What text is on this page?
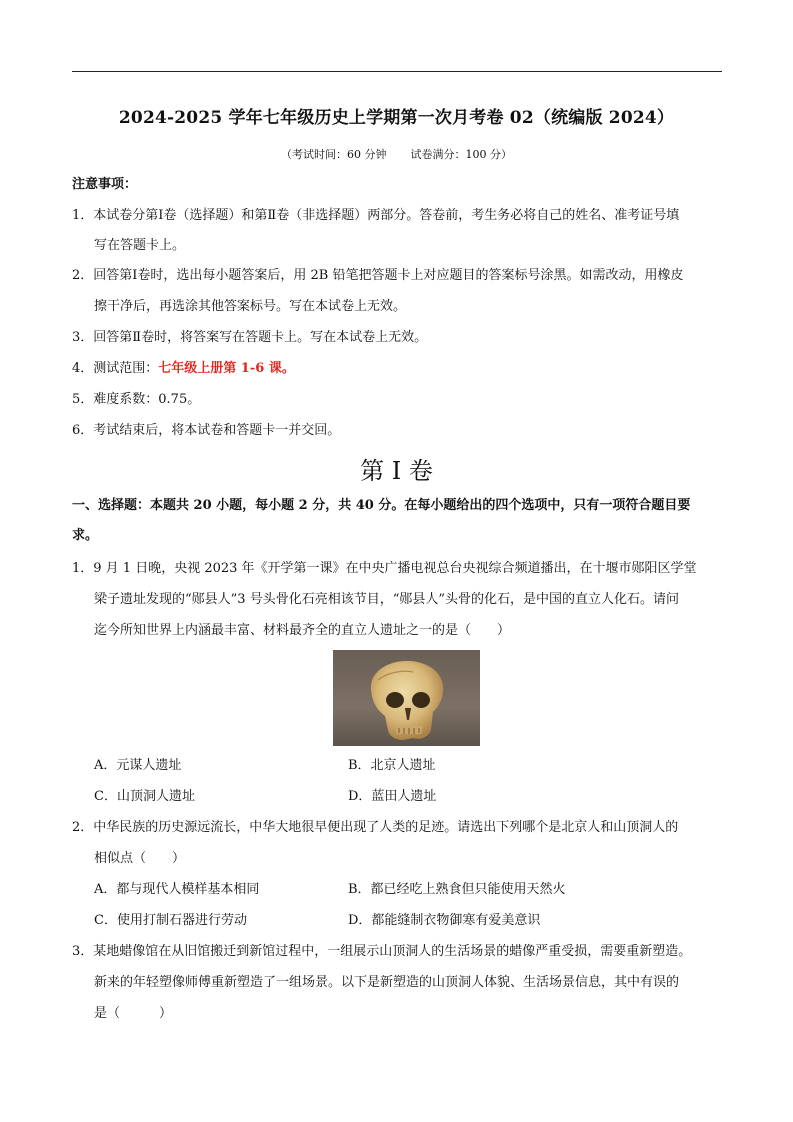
2024-2025 学年七年级历史上学期第一次月考卷 02（统编版 2024）
（考试时间：60 分钟 试卷满分：100 分）
注意事项：
1．本试卷分第Ⅰ卷（选择题）和第Ⅱ卷（非选择题）两部分。答卷前，考生务必将自己的姓名、准考证号填
写在答题卡上。
2．回答第Ⅰ卷时，选出每小题答案后，用 2B 铅笔把答题卡上对应题目的答案标号涂黑。如需改动，用橡皮
擦干净后，再选涂其他答案标号。写在本试卷上无效。
3．回答第Ⅱ卷时，将答案写在答题卡上。写在本试卷上无效。
4．测试范围：七年级上册第 1-6 课。
5．难度系数：0.75。
6．考试结束后，将本试卷和答题卡一并交回。
第 Ⅰ 卷
一、选择题：本题共 20 小题，每小题 2 分，共 40 分。在每小题给出的四个选项中，只有一项符合题目要
求。
1．9 月 1 日晚，央视 2023 年《开学第一课》在中央广播电视总台央视综合频道播出，在十堰市郧阳区学堂
梁子遗址发现的“郧县人”3 号头骨化石亮相该节目，“郧县人”头骨的化石，是中国的直立人化石。请问
迄今所知世界上内涵最丰富、材料最齐全的直立人遗址之一的是（　　）
A．元谋人遗址	B．北京人遗址
C．山顶洞人遗址	D．蓝田人遗址
2．中华民族的历史源远流长，中华大地很早便出现了人类的足迹。请选出下列哪个是北京人和山顶洞人的
相似点（　　）
A．都与现代人模样基本相同	B．都已经吃上熟食但只能使用天然火
C．使用打制石器进行劳动	D．都能缝制衣物御寒有爱美意识
3．某地蜡像馆在从旧馆搬迁到新馆过程中，一组展示山顶洞人的生活场景的蜡像严重受损，需要重新塑造。
新来的年轻塑像师傅重新塑造了一组场景。以下是新塑造的山顶洞人体貌、生活场景信息，其中有误的
是（　　　）
